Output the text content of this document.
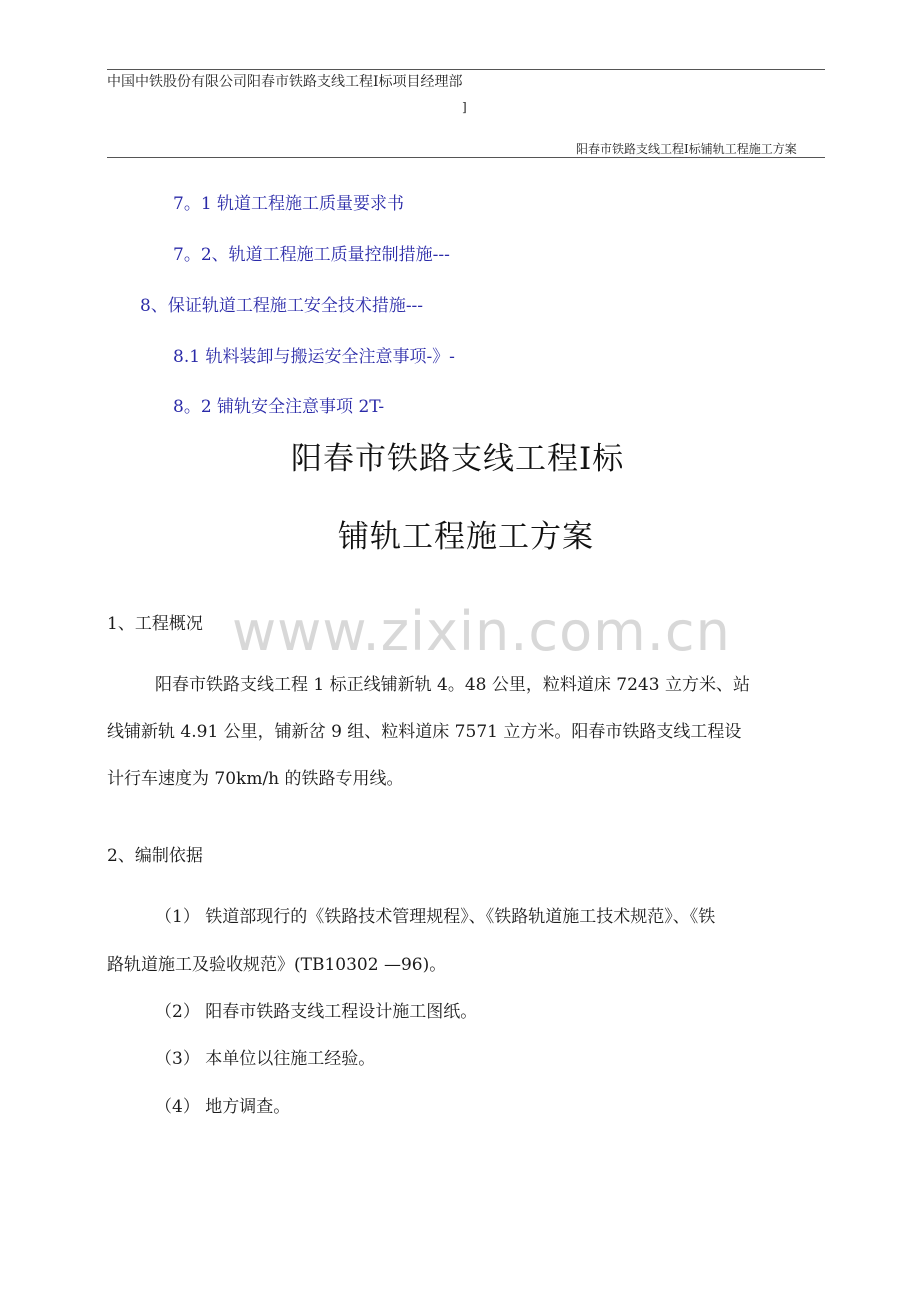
中国中铁股份有限公司阳春市铁路支线工程Ⅰ标项目经理部
]
阳春市铁路支线工程Ⅰ标铺轨工程施工方案
7。1 轨道工程施工质量要求书
7。2、轨道工程施工质量控制措施---
8、保证轨道工程施工安全技术措施---
8.1 轨料装卸与搬运安全注意事项-》-
8。2 铺轨安全注意事项 2T-
阳春市铁路支线工程Ⅰ标
铺轨工程施工方案
www.zixin.com.cn
1、工程概况
阳春市铁路支线工程 1 标正线铺新轨 4。48 公里，粒料道床 7243 立方米、站
线铺新轨 4.91 公里，铺新岔 9 组、粒料道床 7571 立方米。阳春市铁路支线工程设
计行车速度为 70km/h 的铁路专用线。
2、编制依据
（1） 铁道部现行的《铁路技术管理规程》、《铁路轨道施工技术规范》、《铁
路轨道施工及验收规范》(TB10302 —96)。
（2） 阳春市铁路支线工程设计施工图纸。
（3） 本单位以往施工经验。
（4） 地方调查。
